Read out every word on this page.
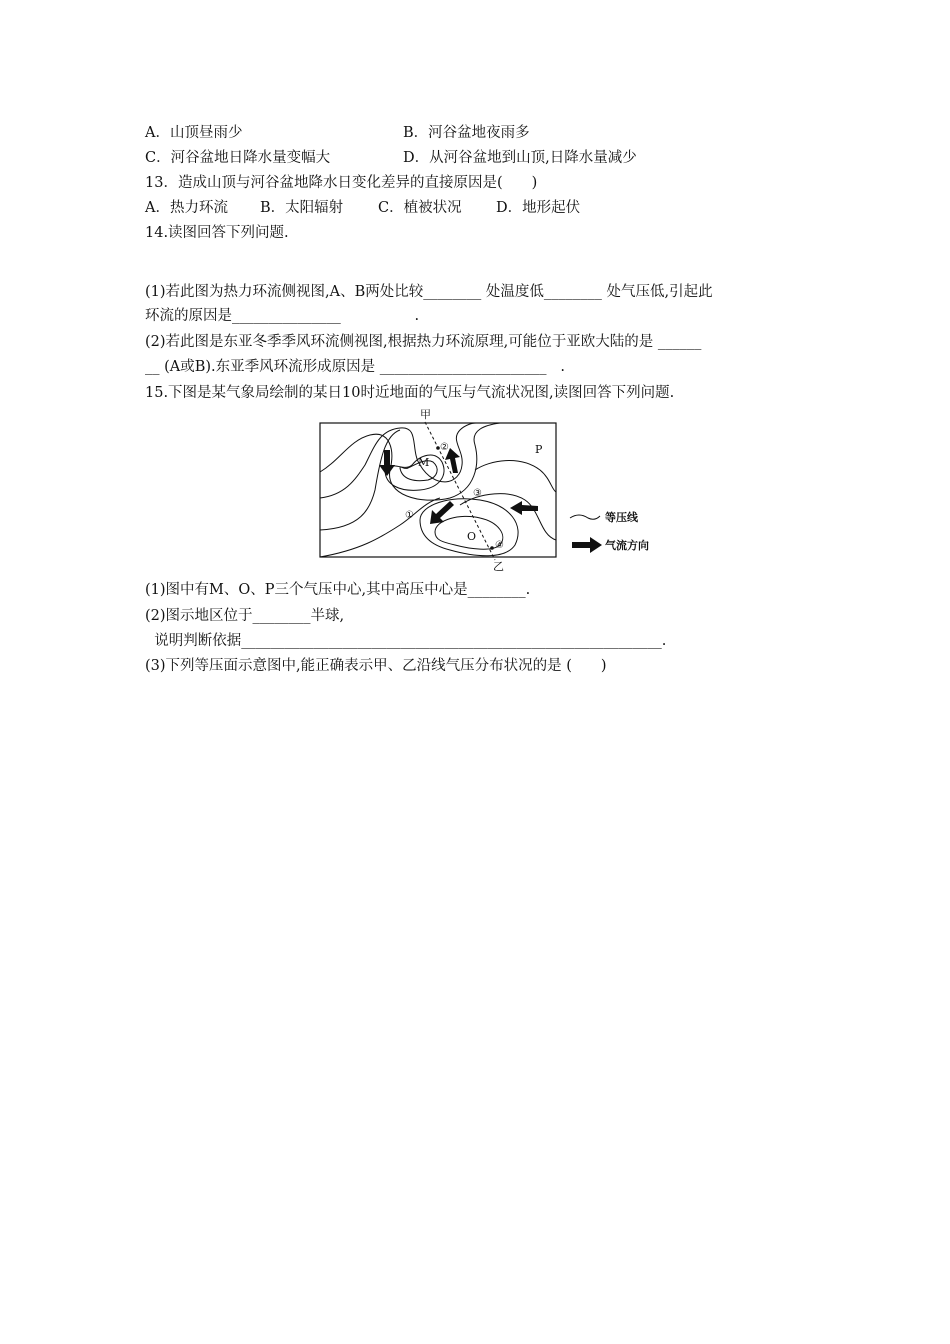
A．山顶昼雨少	B．河谷盆地夜雨多
C．河谷盆地日降水量变幅大	D．从河谷盆地到山顶,日降水量减少
13．造成山顶与河谷盆地降水日变化差异的直接原因是(　　)
A．热力环流 B．太阳辐射 C．植被状况 D．地形起伏
14.读图回答下列问题.
(1)若此图为热力环流侧视图,A、B两处比较________ 处温度低________ 处气压低,引起此
环流的原因是_______________                .
(2)若此图是东亚冬季季风环流侧视图,根据热力环流原理,可能位于亚欧大陆的是 ______
__ (A或B).东亚季风环流形成原因是 _______________________   .
15.下图是某气象局绘制的某日10时近地面的气压与气流状况图,读图回答下列问题.
甲
乙
M
O
P
①
②
③
④
等压线
气流方向
(1)图中有M、O、P三个气压中心,其中高压中心是________.
(2)图示地区位于________半球,
说明判断依据__________________________________________________________.
(3)下列等压面示意图中,能正确表示甲、乙沿线气压分布状况的是 (　　)
